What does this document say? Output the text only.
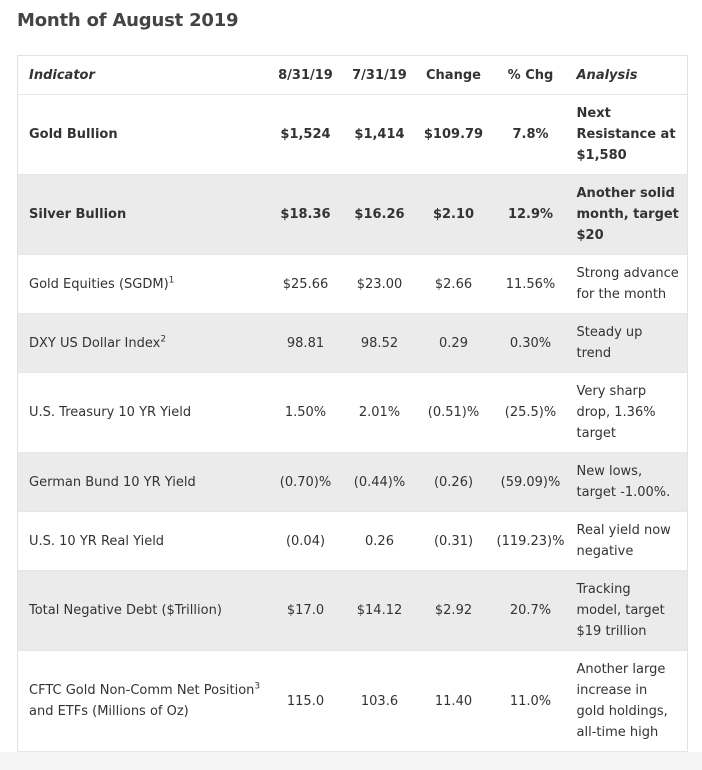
Month of August 2019
Indicator	8/31/19	7/31/19	Change	% Chg	Analysis
Gold Bullion	$1,524	$1,414	$109.79	7.8%	Next Resistance at $1,580
Silver Bullion	$18.36	$16.26	$2.10	12.9%	Another solid month, target $20
Gold Equities (SGDM)$^1$	$25.66	$23.00	$2.66	11.56%	Strong advance for the month
DXY US Dollar Index$^2$	98.81	98.52	0.29	0.30%	Steady up trend
U.S. Treasury 10 YR Yield	1.50%	2.01%	(0.51)%	(25.5)%	Very sharp drop, 1.36% target
German Bund 10 YR Yield	(0.70)%	(0.44)%	(0.26)	(59.09)%	New lows, target -1.00%.
U.S. 10 YR Real Yield	(0.04)	0.26	(0.31)	(119.23)%	Real yield now negative
Total Negative Debt ($Trillion)	$17.0	$14.12	$2.92	20.7%	Tracking model, target $19 trillion
CFTC Gold Non-Comm Net Position$^3$
and ETFs (Millions of Oz)	115.0	103.6	11.40	11.0%	Another large increase in gold holdings, all-time high
